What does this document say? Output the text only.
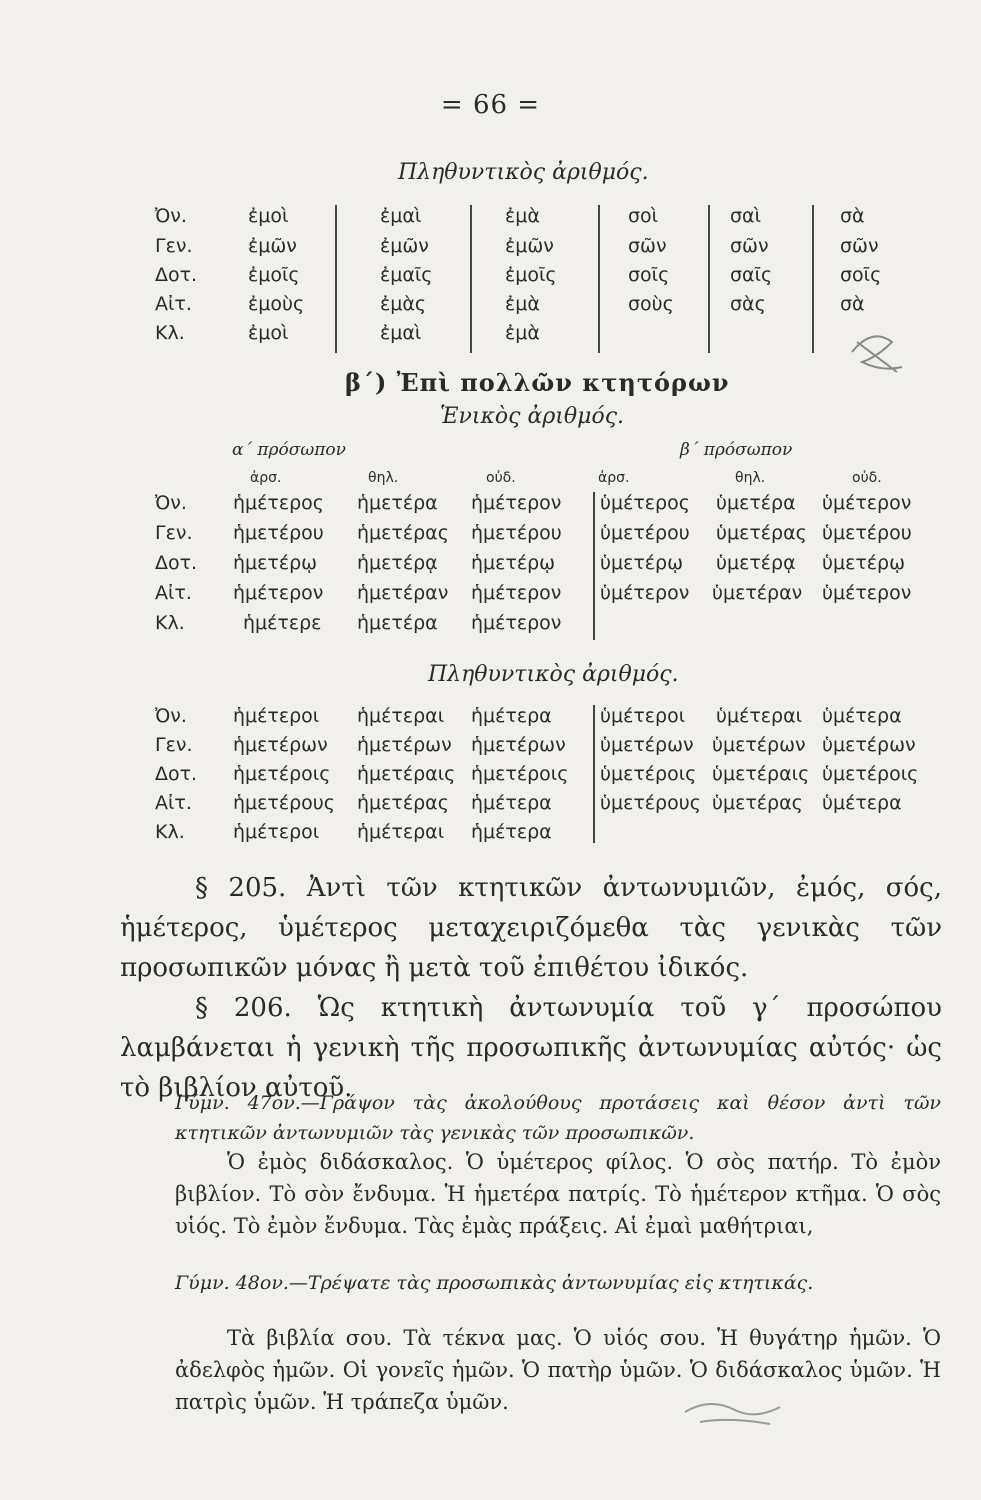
= 66 =
Πληθυντικὸς ἀριθμός.
Ὀν.	ἐμοὶ	ἐμαὶ	ἐμὰ	σοὶ	σαὶ	σὰ
Γεν.	ἐμῶν	ἐμῶν	ἐμῶν	σῶν	σῶν	σῶν
Δοτ.	ἐμοῖς	ἐμαῖς	ἐμοῖς	σοῖς	σαῖς	σοῖς
Αἰτ.	ἐμοὺς	ἐμὰς	ἐμὰ	σοὺς	σὰς	σὰ
Κλ.	ἐμοὶ	ἐμαὶ	ἐμὰ
β´) Ἐπὶ πολλῶν κτητόρων
Ἑνικὸς ἀριθμός.
α´ πρόσωπον	β´ πρόσωπον
ἀρσ.	θηλ.	οὐδ.	ἀρσ.	θηλ.	οὐδ.
Ὀν. ἡμέτερος ἡμετέρα ἡμέτερον ὑμέτερος ὑμετέρα ὑμέτερον
Γεν. ἡμετέρου ἡμετέρας ἡμετέρου ὑμετέρου ὑμετέρας ὑμετέρου
Δοτ. ἡμετέρῳ ἡμετέρᾳ ἡμετέρῳ ὑμετέρῳ ὑμετέρᾳ ὑμετέρῳ
Αἰτ. ἡμέτερον ἡμετέραν ἡμέτερον ὑμέτερον ὑμετέραν ὑμέτερον
Κλ.	ἡμέτερε ἡμετέρα ἡμέτερον
Πληθυντικὸς ἀριθμός.
Ὀν. ἡμέτεροι ἡμέτεραι ἡμέτερα	ὑμέτεροι ὑμέτεραι ὑμέτερα
Γεν. ἡμετέρων ἡμετέρων ἡμετέρων ὑμετέρων ὑμετέρων ὑμετέρων
Δοτ. ἡμετέροις ἡμετέραις ἡμετέροις ὑμετέροις ὑμετέραις ὑμετέροις
Αἰτ. ἡμετέρους ἡμετέρας ἡμέτερα	ὑμετέρους ὑμετέρας ὑμέτερα
Κλ.	ἡμέτεροι ἡμέτεραι ἡμέτερα
§ 205. Ἀντὶ τῶν κτητικῶν ἀντωνυμιῶν, ἐμός, σός, ἡμέτερος, ὑμέτερος μεταχειριζόμεθα τὰς γενικὰς τῶν προσωπικῶν μόνας ἢ μετὰ τοῦ ἐπιθέτου ἰδικός.
§ 206. Ὡς κτητικὴ ἀντωνυμία τοῦ γ´ προσώπου λαμβάνεται ἡ γενικὴ τῆς προσωπικῆς ἀντωνυμίας αὐτός· ὡς τὸ βιβλίον αὐτοῦ.
Γύμν. 47ον.—Γράψον τὰς ἀκολούθους προτάσεις καὶ θέσον ἀντὶ τῶν κτητικῶν ἀντωνυμιῶν τὰς γενικὰς τῶν προσωπικῶν.
Ὁ ἐμὸς διδάσκαλος. Ὁ ὑμέτερος φίλος. Ὁ σὸς πατήρ. Τὸ ἐμὸν βιβλίον. Τὸ σὸν ἔνδυμα. Ἡ ἡμετέρα πατρίς. Τὸ ἡμέτερον κτῆμα. Ὁ σὸς υἱός. Τὸ ἐμὸν ἔνδυμα. Τὰς ἐμὰς πράξεις. Αἱ ἐμαὶ μαθήτριαι,
Γύμν. 48ον.—Τρέψατε τὰς προσωπικὰς ἀντωνυμίας εἰς κτητικάς.
Τὰ βιβλία σου. Τὰ τέκνα μας. Ὁ υἱός σου. Ἡ θυγάτηρ ἡμῶν. Ὁ ἀδελφὸς ἡμῶν. Οἱ γονεῖς ἡμῶν. Ὁ πατὴρ ὑμῶν. Ὁ διδάσκαλος ὑμῶν. Ἡ πατρὶς ὑμῶν. Ἡ τράπεζα ὑμῶν.
